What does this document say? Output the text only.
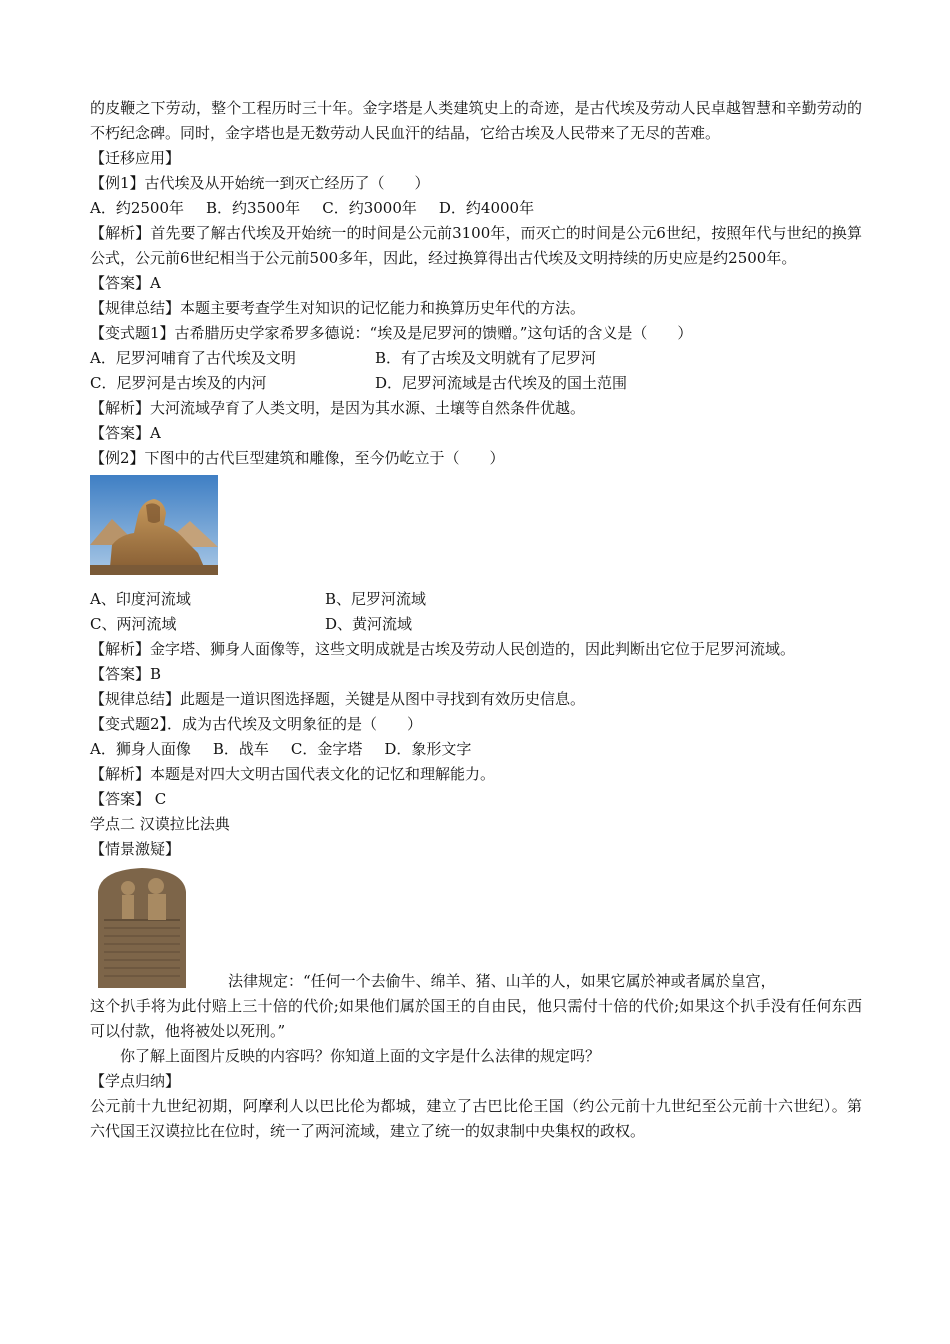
的皮鞭之下劳动，整个工程历时三十年。金字塔是人类建筑史上的奇迹，是古代埃及劳动人民卓越智慧和辛勤劳动的不朽纪念碑。同时，金字塔也是无数劳动人民血汗的结晶，它给古埃及人民带来了无尽的苦难。

【迁移应用】

【例1】古代埃及从开始统一到灭亡经历了（　　）

A．约2500年 B．约3500年 C．约3000年 D．约4000年

【解析】首先要了解古代埃及开始统一的时间是公元前3100年，而灭亡的时间是公元6世纪，按照年代与世纪的换算公式，公元前6世纪相当于公元前500多年，因此，经过换算得出古代埃及文明持续的历史应是约2500年。

【答案】A

【规律总结】本题主要考查学生对知识的记忆能力和换算历史年代的方法。

【变式题1】古希腊历史学家希罗多德说：“埃及是尼罗河的馈赠。”这句话的含义是（　　）

A．尼罗河哺育了古代埃及文明	B．有了古埃及文明就有了尼罗河
C．尼罗河是古埃及的内河	D．尼罗河流域是古代埃及的国土范围

【解析】大河流域孕育了人类文明，是因为其水源、土壤等自然条件优越。

【答案】A

【例2】下图中的古代巨型建筑和雕像，至今仍屹立于（　　）

A、印度河流域	B、尼罗河流域
C、两河流域	D、黄河流域

【解析】金字塔、狮身人面像等，这些文明成就是古埃及劳动人民创造的，因此判断出它位于尼罗河流域。

【答案】B

【规律总结】此题是一道识图选择题，关键是从图中寻找到有效历史信息。

【变式题2】．成为古代埃及文明象征的是（　　）

A．狮身人面像 B．战车 C．金字塔 D．象形文字

【解析】本题是对四大文明古国代表文化的记忆和理解能力。

【答案】 C

学点二 汉谟拉比法典

【情景激疑】

法律规定：“任何一个去偷牛、绵羊、猪、山羊的人，如果它属於神或者属於皇宫，

这个扒手将为此付赔上三十倍的代价;如果他们属於国王的自由民，他只需付十倍的代价;如果这个扒手没有任何东西可以付款，他将被处以死刑。”

你了解上面图片反映的内容吗？你知道上面的文字是什么法律的规定吗？

【学点归纳】

公元前十九世纪初期，阿摩利人以巴比伦为都城，建立了古巴比伦王国（约公元前十九世纪至公元前十六世纪）。第六代国王汉谟拉比在位时，统一了两河流域，建立了统一的奴隶制中央集权的政权。
